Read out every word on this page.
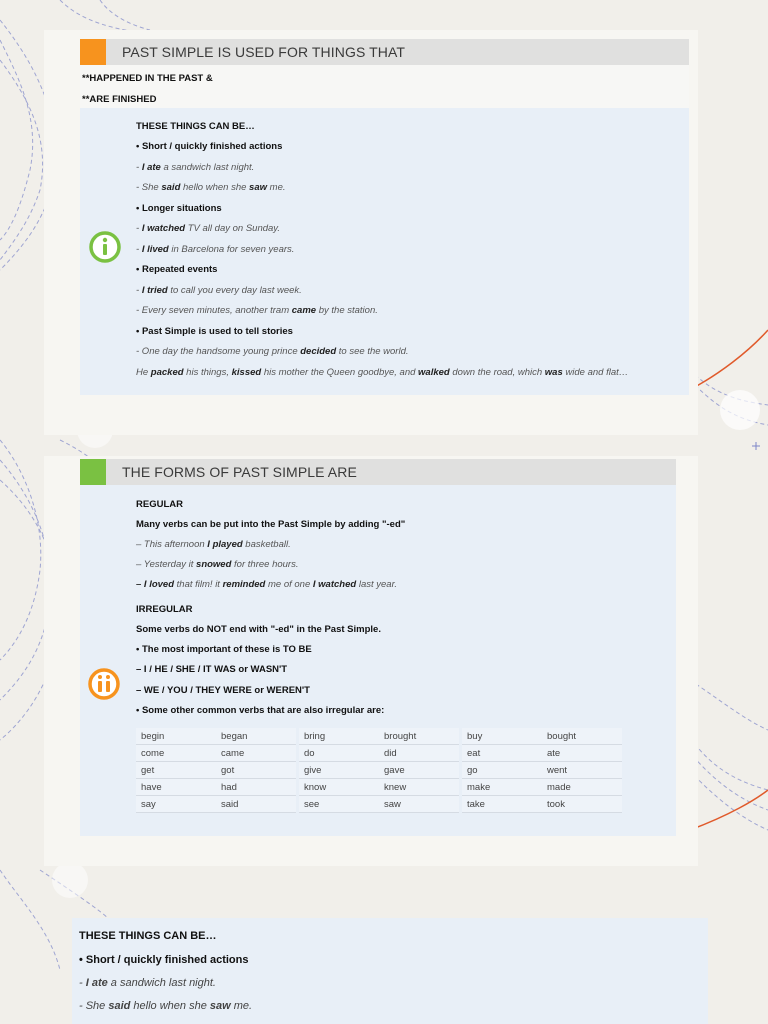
PAST SIMPLE IS USED FOR THINGS THAT
**HAPPENED IN THE PAST &
**ARE FINISHED
THESE THINGS CAN BE…
• Short / quickly finished actions
- I ate a sandwich last night.
- She said hello when she saw me.
• Longer situations
- I watched TV all day on Sunday.
- I lived in Barcelona for seven years.
• Repeated events
- I tried to call you every day last week.
- Every seven minutes, another tram came by the station.
• Past Simple is used to tell stories
- One day the handsome young prince decided to see the world.
He packed his things, kissed his mother the Queen goodbye, and walked down the road, which was wide and flat…
THE FORMS OF PAST SIMPLE ARE
REGULAR
Many verbs can be put into the Past Simple by adding "-ed"
– This afternoon I played basketball.
– Yesterday it snowed for three hours.
– I loved that film! it reminded me of one I watched last year.
IRREGULAR
Some verbs do NOT end with "-ed" in the Past Simple.
• The most important of these is TO BE
– I / HE / SHE / IT WAS or WASN'T
– WE / YOU / THEY WERE or WEREN'T
• Some other common verbs that are also irregular are:
begin	began		bring	brought		buy	bought
come	came		do	did		eat	ate
get	got		give	gave		go	went
have	had		know	knew		make	made
say	said		see	saw		take	took
THESE THINGS CAN BE…
• Short / quickly finished actions
- I ate a sandwich last night.
- She said hello when she saw me.
